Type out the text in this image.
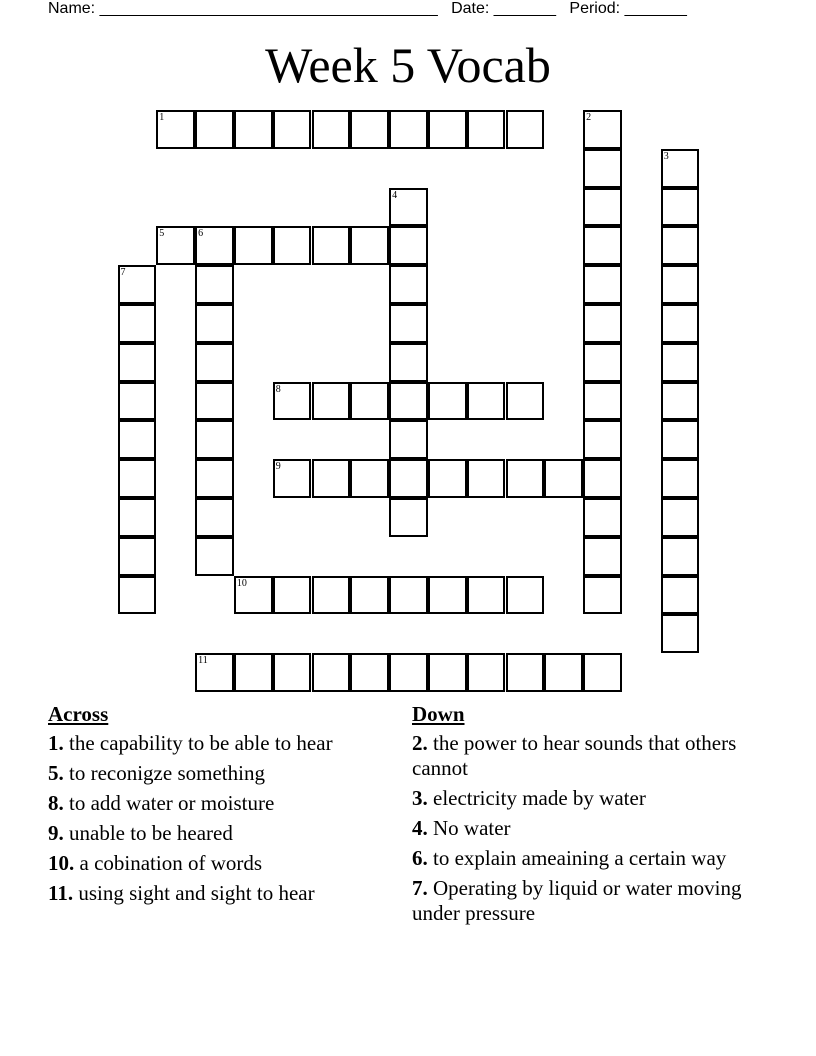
Name: ______________________________________ Date: _______ Period: _______
Week 5 Vocab
1	2
3
4
5	6
7
8
9
10
11
Across
1. the capability to be able to hear
5. to reconigze something
8. to add water or moisture
9. unable to be heared
10. a cobination of words
11. using sight and sight to hear
Down
2. the power to hear sounds that others cannot
3. electricity made by water
4. No water
6. to explain ameaining a certain way
7. Operating by liquid or water moving under pressure
